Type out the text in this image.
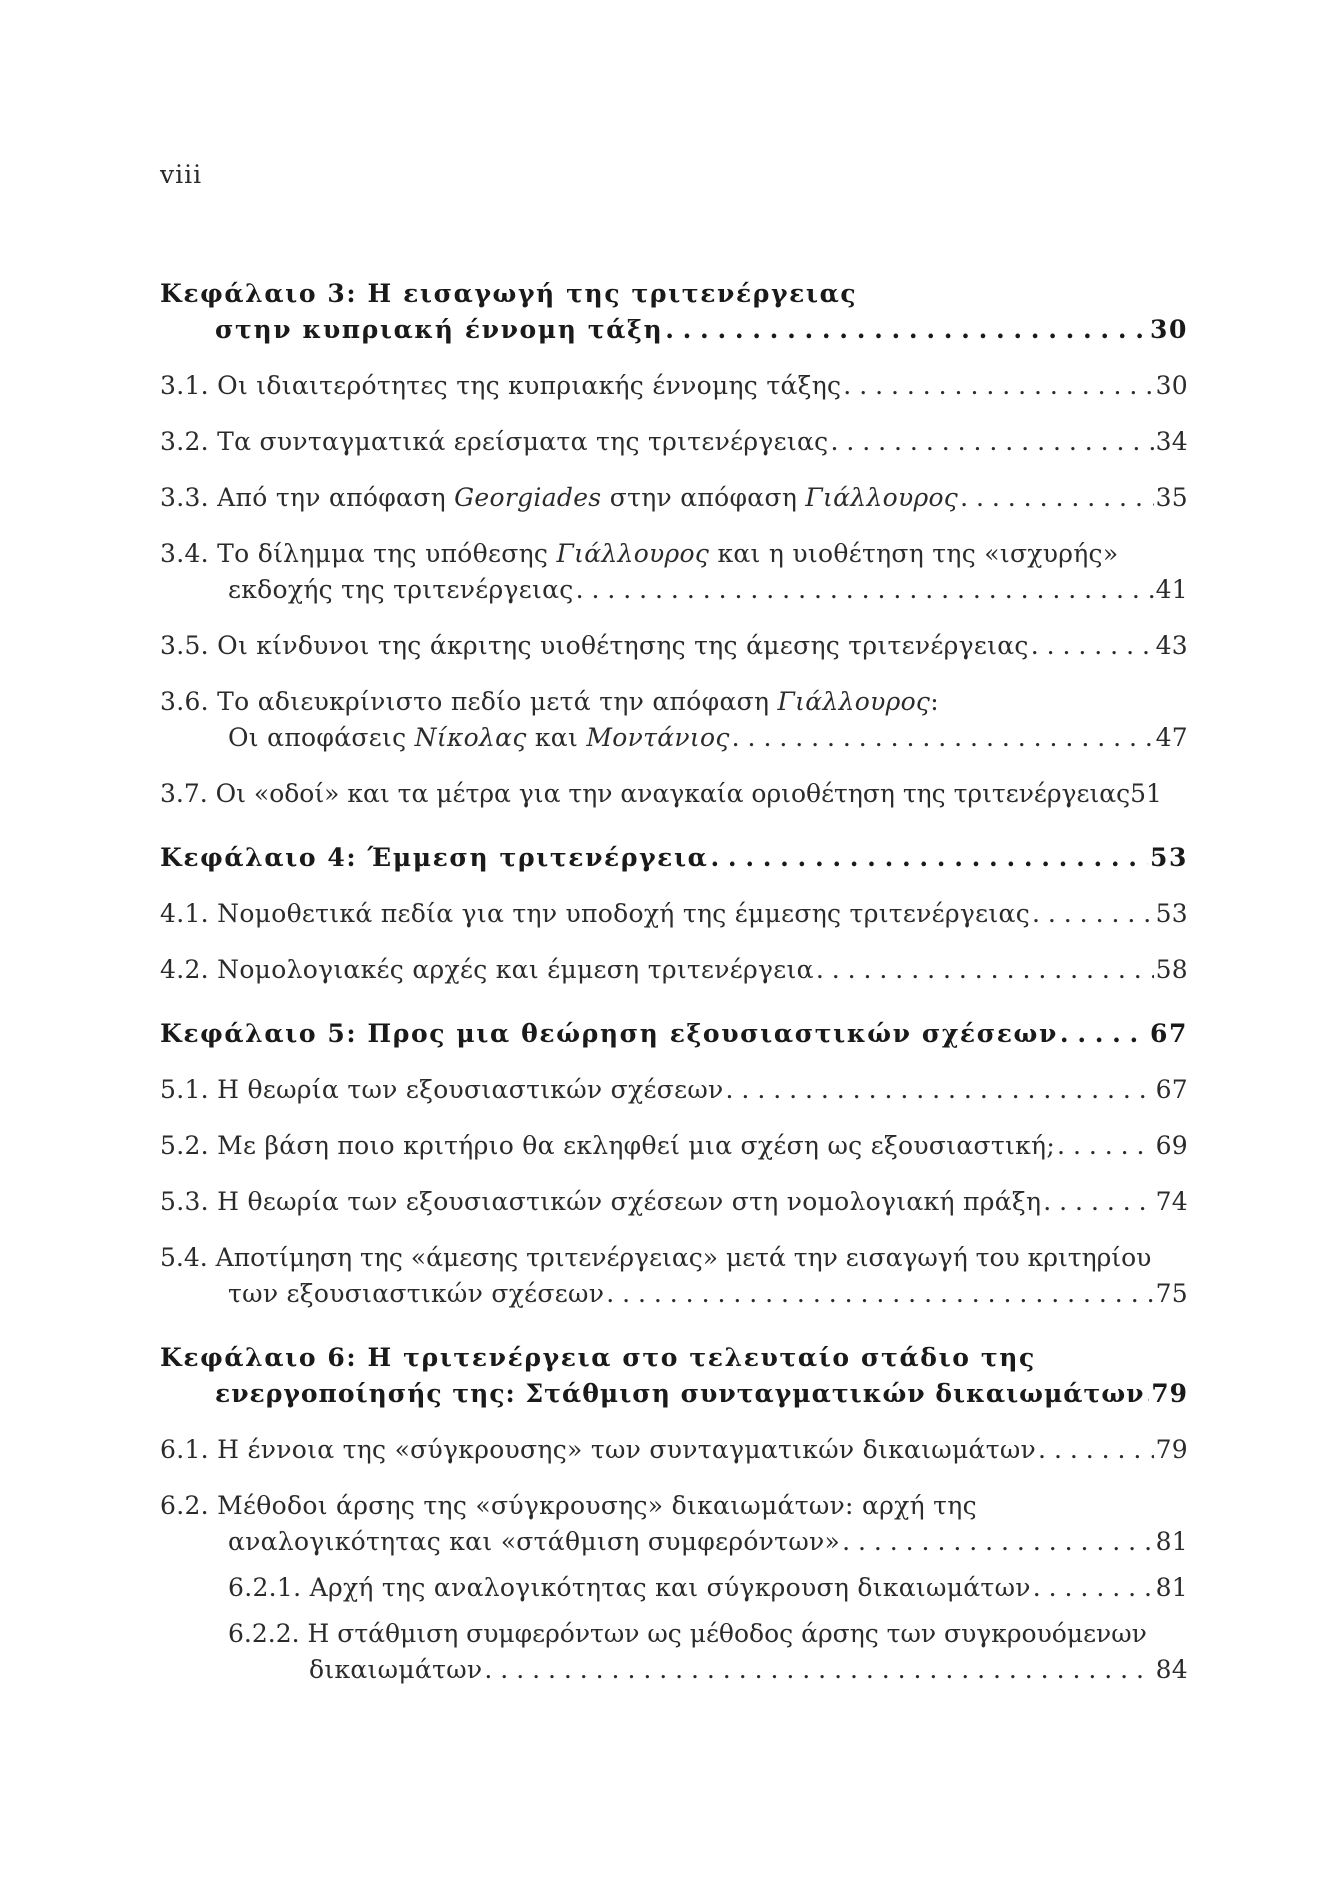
viii
Κεφάλαιο 3: Η εισαγωγή της τριτενέργειας
στην κυπριακή έννομη τάξη . . .	30
3.1. Οι ιδιαιτερότητες της κυπριακής έννομης τάξης . . .	30
3.2. Τα συνταγματικά ερείσματα της τριτενέργειας . . .	34
3.3. Από την απόφαση Georgiades στην απόφαση Γιάλλουρος . . .	35
3.4. Το δίλημμα της υπόθεσης Γιάλλουρος και η υιοθέτηση της «ισχυρής»
εκδοχής της τριτενέργειας . . .	41
3.5. Οι κίνδυνοι της άκριτης υιοθέτησης της άμεσης τριτενέργειας . . .	43
3.6. Το αδιευκρίνιστο πεδίο μετά την απόφαση Γιάλλουρος:
Οι αποφάσεις Νίκολας και Μοντάνιος . . .	47
3.7. Οι «οδοί» και τα μέτρα για την αναγκαία οριοθέτηση της τριτενέργειας 51
Κεφάλαιο 4: Έμμεση τριτενέργεια . . .	53
4.1. Νομοθετικά πεδία για την υποδοχή της έμμεσης τριτενέργειας . . .	53
4.2. Νομολογιακές αρχές και έμμεση τριτενέργεια . . .	58
Κεφάλαιο 5: Προς μια θεώρηση εξουσιαστικών σχέσεων . . .	67
5.1. Η θεωρία των εξουσιαστικών σχέσεων . . .	67
5.2. Με βάση ποιο κριτήριο θα εκληφθεί μια σχέση ως εξουσιαστική; . . .	69
5.3. Η θεωρία των εξουσιαστικών σχέσεων στη νομολογιακή πράξη . . .	74
5.4. Αποτίμηση της «άμεσης τριτενέργειας» μετά την εισαγωγή του κριτηρίου
των εξουσιαστικών σχέσεων . . .	75
Κεφάλαιο 6: Η τριτενέργεια στο τελευταίο στάδιο της
ενεργοποίησής της: Στάθμιση συνταγματικών δικαιωμάτων . . . 79
6.1. Η έννοια της «σύγκρουσης» των συνταγματικών δικαιωμάτων . . .	79
6.2. Μέθοδοι άρσης της «σύγκρουσης» δικαιωμάτων: αρχή της
αναλογικότητας και «στάθμιση συμφερόντων» . . .	81
6.2.1. Αρχή της αναλογικότητας και σύγκρουση δικαιωμάτων . . .	81
6.2.2. Η στάθμιση συμφερόντων ως μέθοδος άρσης των συγκρουόμενων
δικαιωμάτων . . .	84
